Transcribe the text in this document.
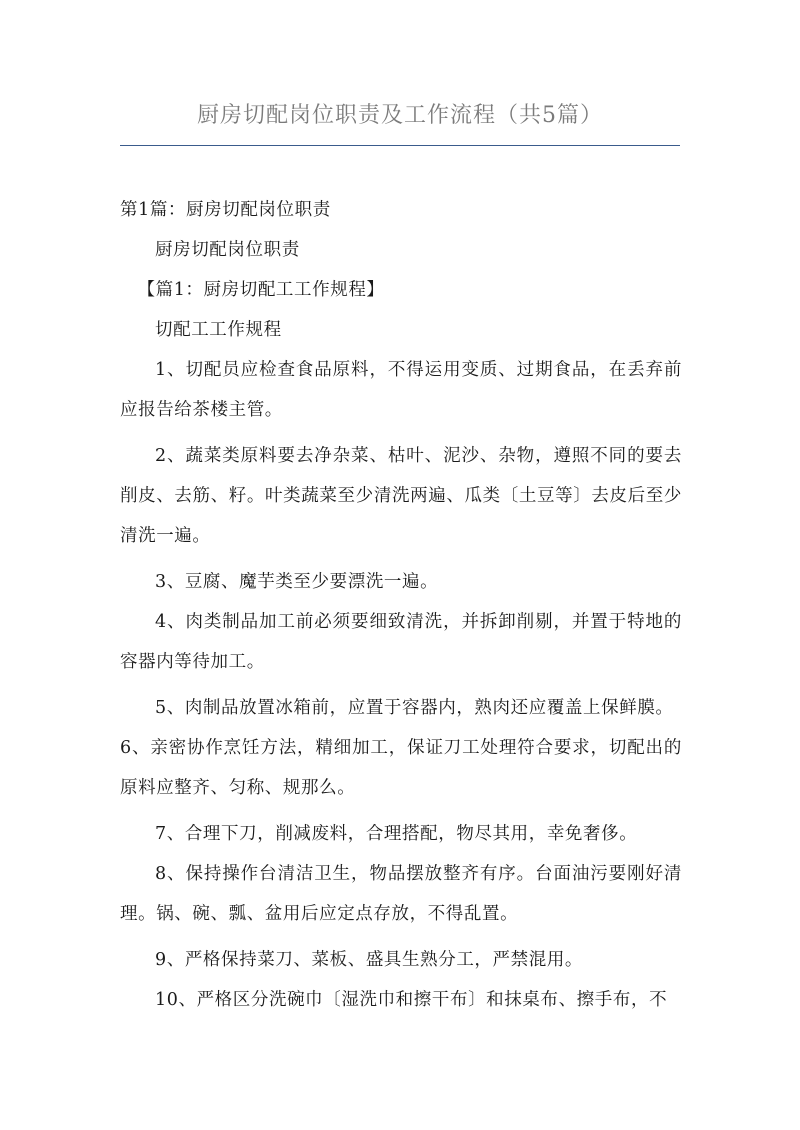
厨房切配岗位职责及工作流程（共5篇）

第1篇：厨房切配岗位职责

厨房切配岗位职责

【篇1：厨房切配工工作规程】

切配工工作规程

1、切配员应检查食品原料，不得运用变质、过期食品，在丢弃前应报告给茶楼主管。

2、蔬菜类原料要去净杂菜、枯叶、泥沙、杂物，遵照不同的要去削皮、去筋、籽。叶类蔬菜至少清洗两遍、瓜类〔土豆等〕去皮后至少清洗一遍。

3、豆腐、魔芋类至少要漂洗一遍。

4、肉类制品加工前必须要细致清洗，并拆卸削剔，并置于特地的容器内等待加工。

5、肉制品放置冰箱前，应置于容器内，熟肉还应覆盖上保鲜膜。

6、亲密协作烹饪方法，精细加工，保证刀工处理符合要求，切配出的原料应整齐、匀称、规那么。

7、合理下刀，削减废料，合理搭配，物尽其用，幸免奢侈。

8、保持操作台清洁卫生，物品摆放整齐有序。台面油污要刚好清理。锅、碗、瓢、盆用后应定点存放，不得乱置。

9、严格保持菜刀、菜板、盛具生熟分工，严禁混用。

10、严格区分洗碗巾〔湿洗巾和擦干布〕和抹桌布、擦手布，不
